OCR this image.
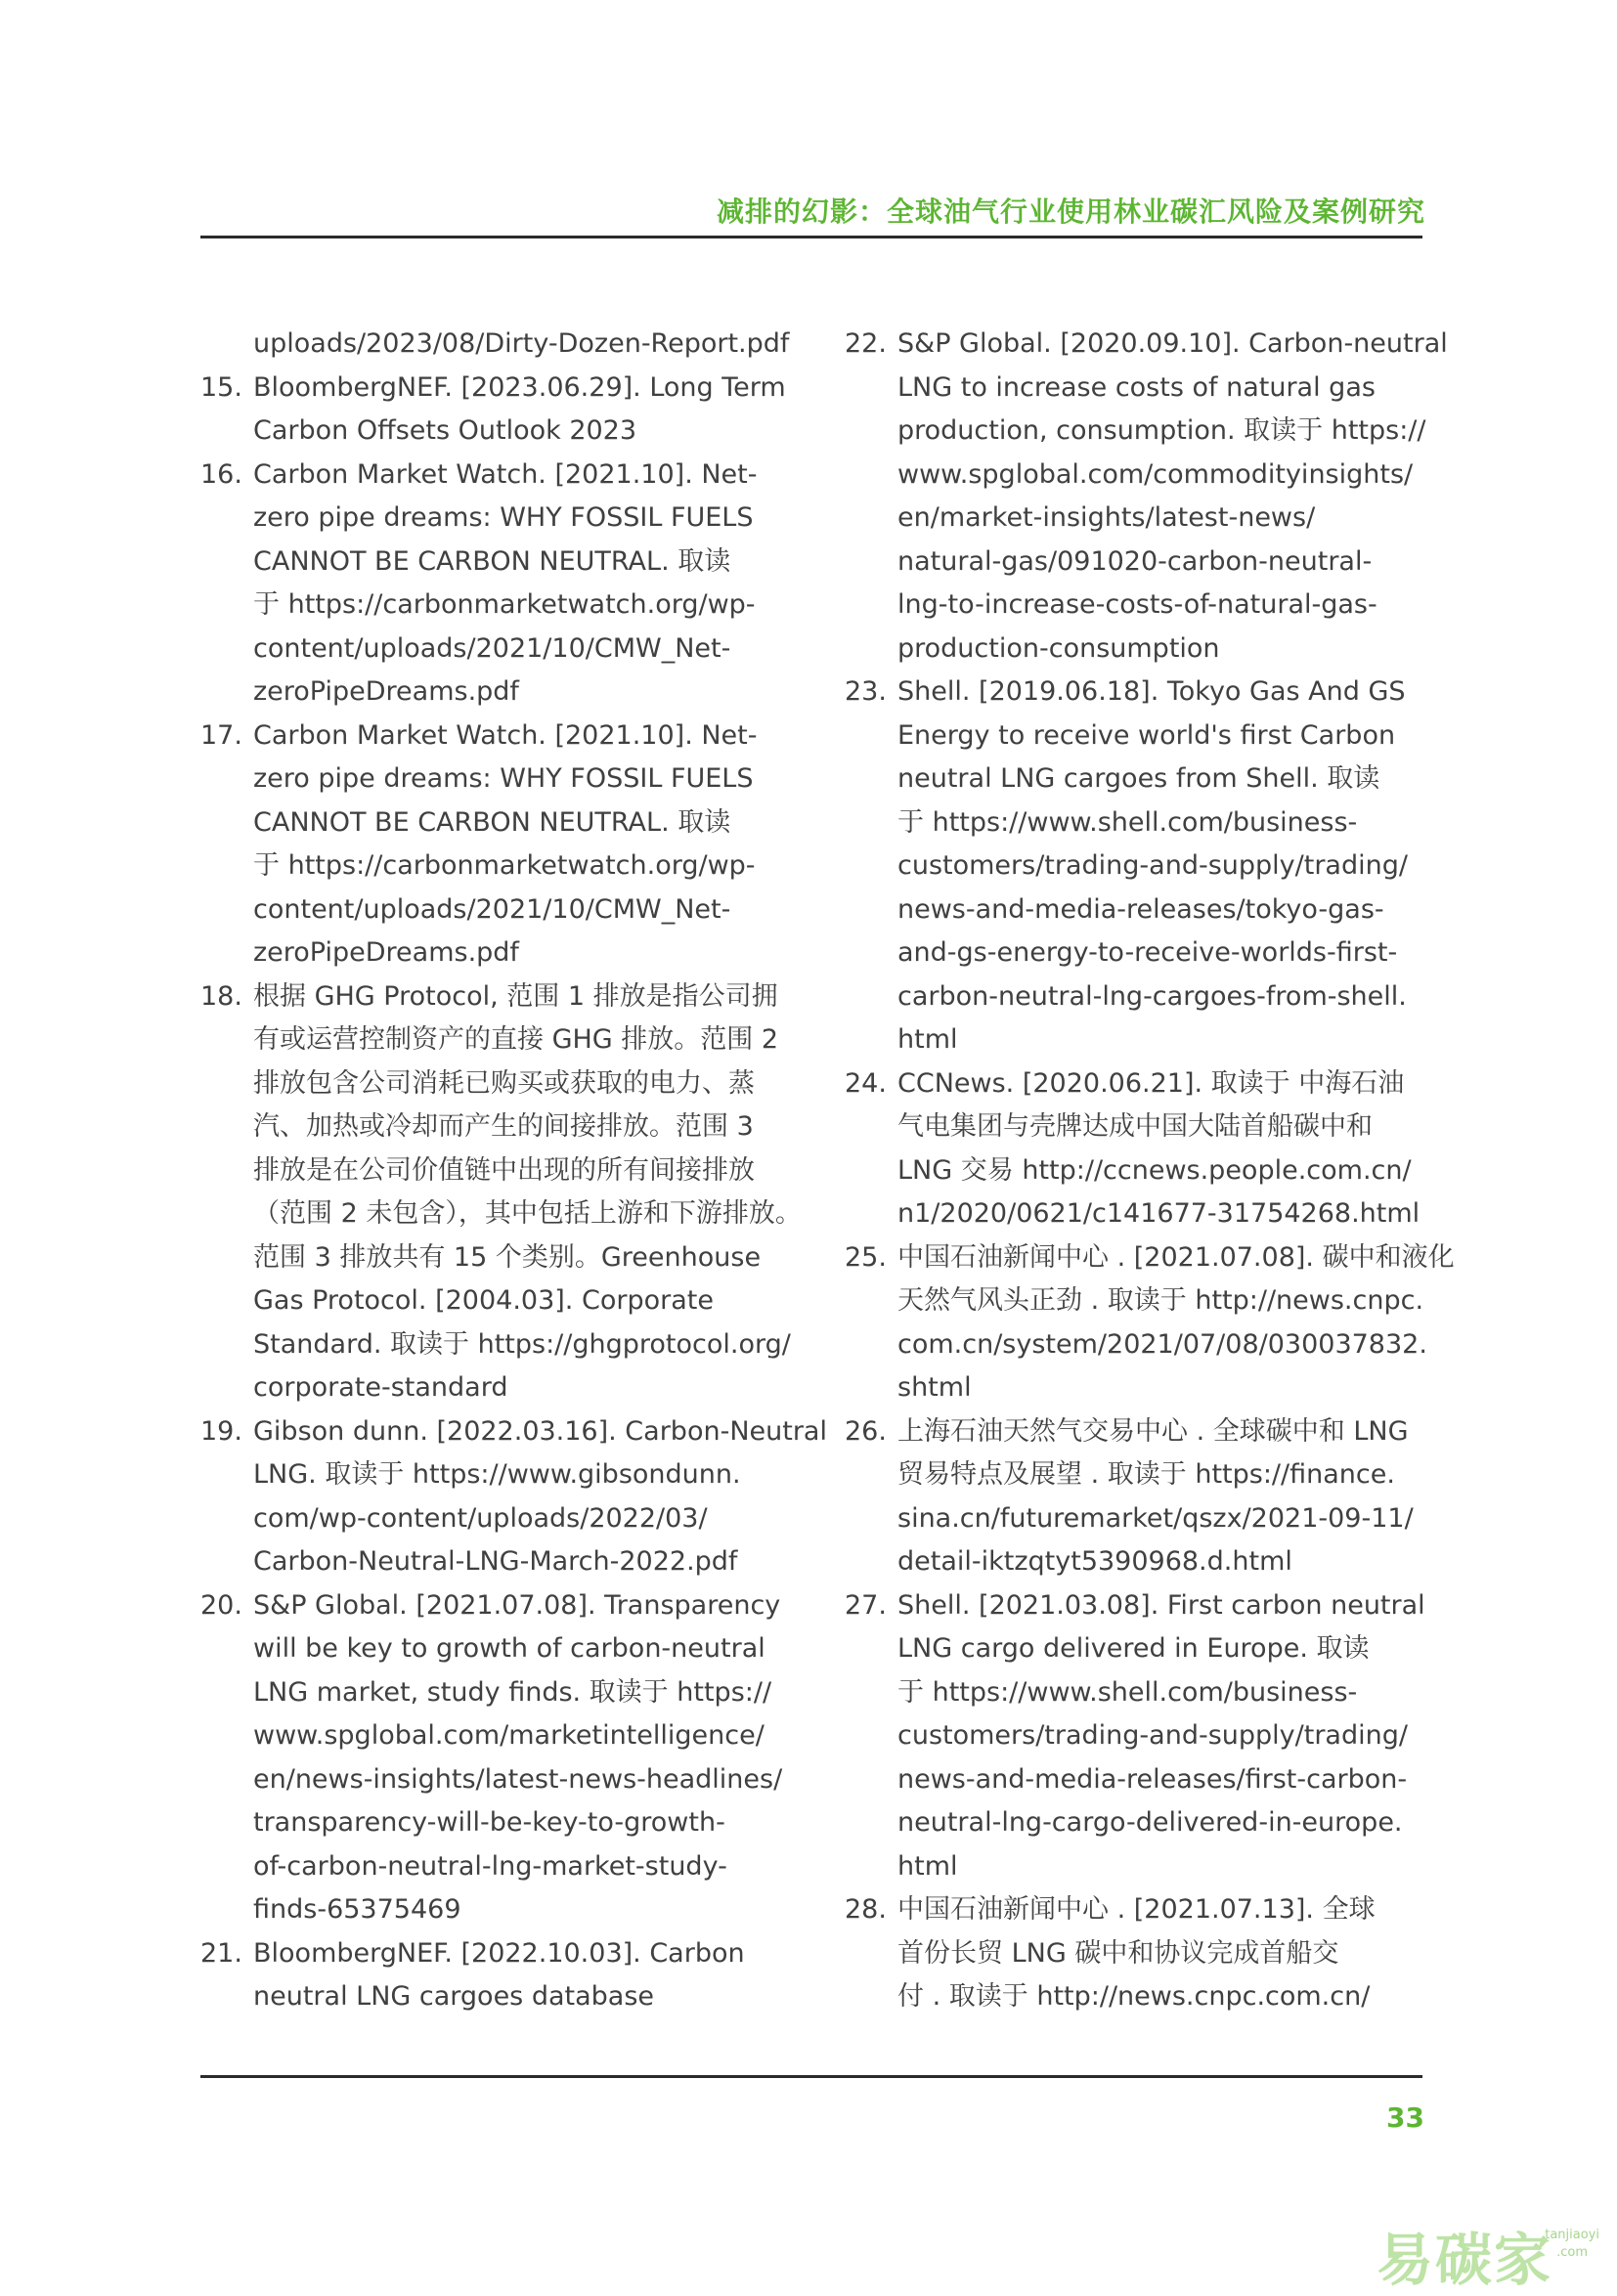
减排的幻影：全球油气行业使用林业碳汇风险及案例研究
uploads/2023/08/Dirty-Dozen-Report.pdf
15. BloombergNEF. [2023.06.29]. Long Term
Carbon Offsets Outlook 2023
16. Carbon Market Watch. [2021.10]. Net-
zero pipe dreams: WHY FOSSIL FUELS
CANNOT BE CARBON NEUTRAL. 取读
于 https://carbonmarketwatch.org/wp-
content/uploads/2021/10/CMW_Net-
zeroPipeDreams.pdf
17. Carbon Market Watch. [2021.10]. Net-
zero pipe dreams: WHY FOSSIL FUELS
CANNOT BE CARBON NEUTRAL. 取读
于 https://carbonmarketwatch.org/wp-
content/uploads/2021/10/CMW_Net-
zeroPipeDreams.pdf
18. 根据 GHG Protocol, 范围 1 排放是指公司拥
有或运营控制资产的直接 GHG 排放。范围 2
排放包含公司消耗已购买或获取的电力、蒸
汽、加热或冷却而产生的间接排放。范围 3
排放是在公司价值链中出现的所有间接排放
（范围 2 未包含），其中包括上游和下游排放。
范围 3 排放共有 15 个类别。Greenhouse
Gas Protocol. [2004.03]. Corporate
Standard. 取读于 https://ghgprotocol.org/
corporate-standard
19. Gibson dunn. [2022.03.16]. Carbon-Neutral
LNG. 取读于 https://www.gibsondunn.
com/wp-content/uploads/2022/03/
Carbon-Neutral-LNG-March-2022.pdf
20. S&P Global. [2021.07.08]. Transparency
will be key to growth of carbon-neutral
LNG market, study finds. 取读于 https://
www.spglobal.com/marketintelligence/
en/news-insights/latest-news-headlines/
transparency-will-be-key-to-growth-
of-carbon-neutral-lng-market-study-
finds-65375469
21. BloombergNEF. [2022.10.03]. Carbon
neutral LNG cargoes database
22. S&P Global. [2020.09.10]. Carbon-neutral
LNG to increase costs of natural gas
production, consumption. 取读于 https://
www.spglobal.com/commodityinsights/
en/market-insights/latest-news/
natural-gas/091020-carbon-neutral-
lng-to-increase-costs-of-natural-gas-
production-consumption
23. Shell. [2019.06.18]. Tokyo Gas And GS
Energy to receive world's first Carbon
neutral LNG cargoes from Shell. 取读
于 https://www.shell.com/business-
customers/trading-and-supply/trading/
news-and-media-releases/tokyo-gas-
and-gs-energy-to-receive-worlds-first-
carbon-neutral-lng-cargoes-from-shell.
html
24. CCNews. [2020.06.21]. 取读于 中海石油
气电集团与壳牌达成中国大陆首船碳中和
LNG 交易 http://ccnews.people.com.cn/
n1/2020/0621/c141677-31754268.html
25. 中国石油新闻中心 . [2021.07.08]. 碳中和液化
天然气风头正劲 . 取读于 http://news.cnpc.
com.cn/system/2021/07/08/030037832.
shtml
26. 上海石油天然气交易中心 . 全球碳中和 LNG
贸易特点及展望 . 取读于 https://finance.
sina.cn/futuremarket/qszx/2021-09-11/
detail-iktzqtyt5390968.d.html
27. Shell. [2021.03.08]. First carbon neutral
LNG cargo delivered in Europe. 取读
于 https://www.shell.com/business-
customers/trading-and-supply/trading/
news-and-media-releases/first-carbon-
neutral-lng-cargo-delivered-in-europe.
html
28. 中国石油新闻中心 . [2021.07.13]. 全球
首份长贸 LNG 碳中和协议完成首船交
付 . 取读于 http://news.cnpc.com.cn/
33
易碳家
tanjiaoyi
.com
